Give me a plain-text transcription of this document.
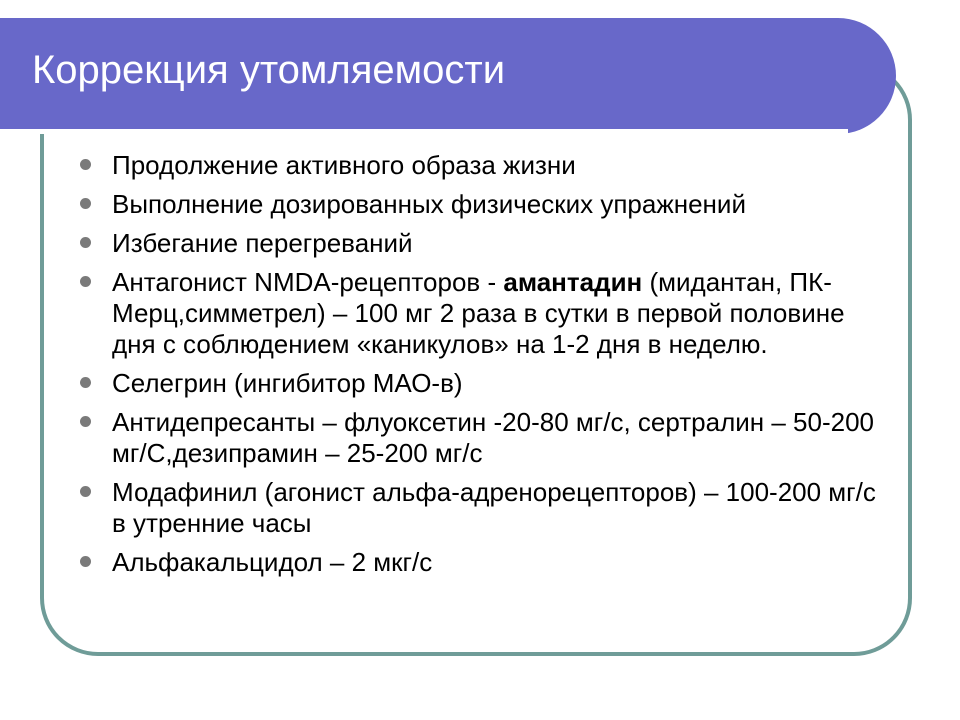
Коррекция утомляемости
Продолжение активного образа жизни
Выполнение дозированных физических упражнений
Избегание перегреваний
Антагонист NMDA-рецепторов - амантадин (мидантан, ПК-Мерц,симметрел) – 100 мг 2 раза в сутки в первой половине дня с соблюдением «каникулов» на 1-2 дня в неделю.
Селегрин (ингибитор МАО-в)
Антидепресанты – флуоксетин -20-80 мг/с, сертралин – 50-200 мг/С,дезипрамин – 25-200 мг/с
Модафинил (агонист альфа-адренорецепторов) – 100-200 мг/с в утренние часы
Альфакальцидол – 2 мкг/с
